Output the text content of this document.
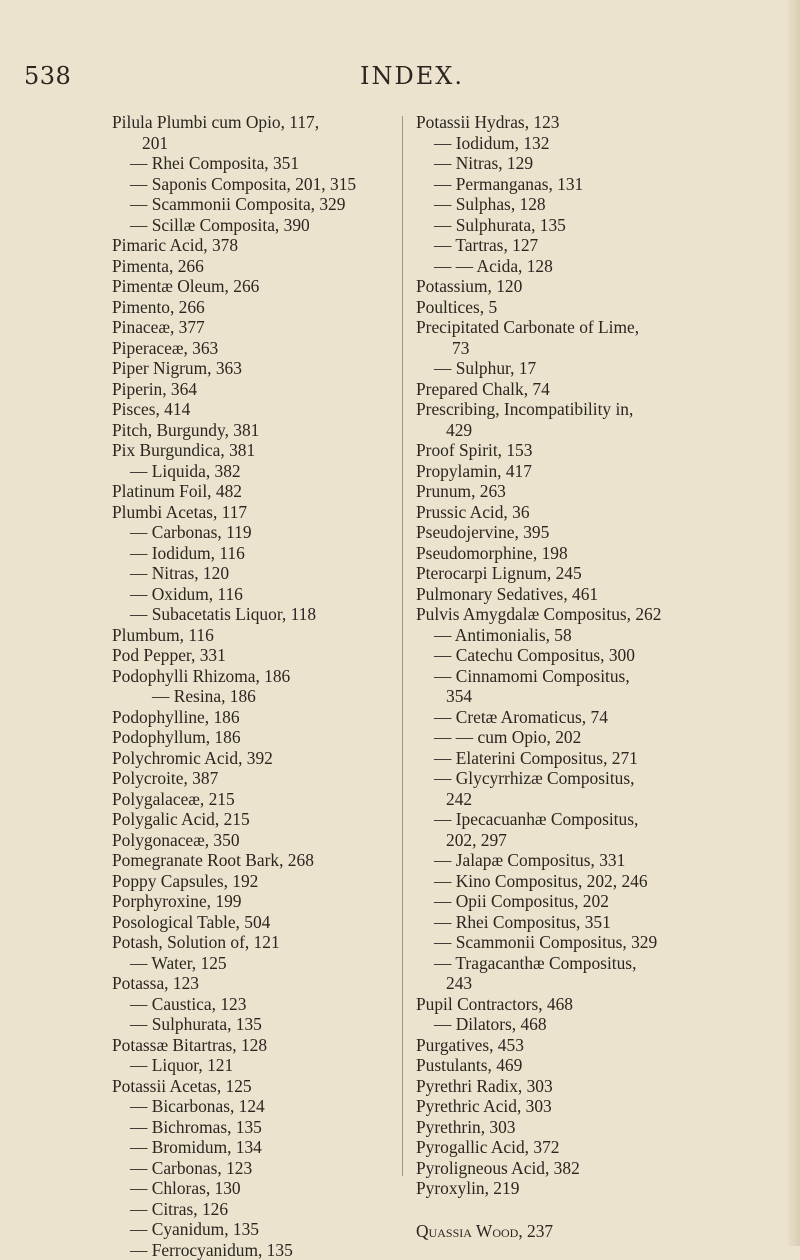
538	INDEX.
Pilula Plumbi cum Opio, 117,
201
— Rhei Composita, 351
— Saponis Composita, 201, 315
— Scammonii Composita, 329
— Scillæ Composita, 390
Pimaric Acid, 378
Pimenta, 266
Pimentæ Oleum, 266
Pimento, 266
Pinaceæ, 377
Piperaceæ, 363
Piper Nigrum, 363
Piperin, 364
Pisces, 414
Pitch, Burgundy, 381
Pix Burgundica, 381
— Liquida, 382
Platinum Foil, 482
Plumbi Acetas, 117
— Carbonas, 119
— Iodidum, 116
— Nitras, 120
— Oxidum, 116
— Subacetatis Liquor, 118
Plumbum, 116
Pod Pepper, 331
Podophylli Rhizoma, 186
— Resina, 186
Podophylline, 186
Podophyllum, 186
Polychromic Acid, 392
Polycroite, 387
Polygalaceæ, 215
Polygalic Acid, 215
Polygonaceæ, 350
Pomegranate Root Bark, 268
Poppy Capsules, 192
Porphyroxine, 199
Posological Table, 504
Potash, Solution of, 121
— Water, 125
Potassa, 123
— Caustica, 123
— Sulphurata, 135
Potassæ Bitartras, 128
— Liquor, 121
Potassii Acetas, 125
— Bicarbonas, 124
— Bichromas, 135
— Bromidum, 134
— Carbonas, 123
— Chloras, 130
— Citras, 126
— Cyanidum, 135
— Ferrocyanidum, 135
Potassii Hydras, 123
— Iodidum, 132
— Nitras, 129
— Permanganas, 131
— Sulphas, 128
— Sulphurata, 135
— Tartras, 127
— — Acida, 128
Potassium, 120
Poultices, 5
Precipitated Carbonate of Lime,
73
— Sulphur, 17
Prepared Chalk, 74
Prescribing, Incompatibility in,
429
Proof Spirit, 153
Propylamin, 417
Prunum, 263
Prussic Acid, 36
Pseudojervine, 395
Pseudomorphine, 198
Pterocarpi Lignum, 245
Pulmonary Sedatives, 461
Pulvis Amygdalæ Compositus, 262
— Antimonialis, 58
— Catechu Compositus, 300
— Cinnamomi Compositus,
354
— Cretæ Aromaticus, 74
— — cum Opio, 202
— Elaterini Compositus, 271
— Glycyrrhizæ Compositus,
242
— Ipecacuanhæ Compositus,
202, 297
— Jalapæ Compositus, 331
— Kino Compositus, 202, 246
— Opii Compositus, 202
— Rhei Compositus, 351
— Scammonii Compositus, 329
— Tragacanthæ Compositus,
243
Pupil Contractors, 468
— Dilators, 468
Purgatives, 453
Pustulants, 469
Pyrethri Radix, 303
Pyrethric Acid, 303
Pyrethrin, 303
Pyrogallic Acid, 372
Pyroligneous Acid, 382
Pyroxylin, 219
Quassia Wood, 237
